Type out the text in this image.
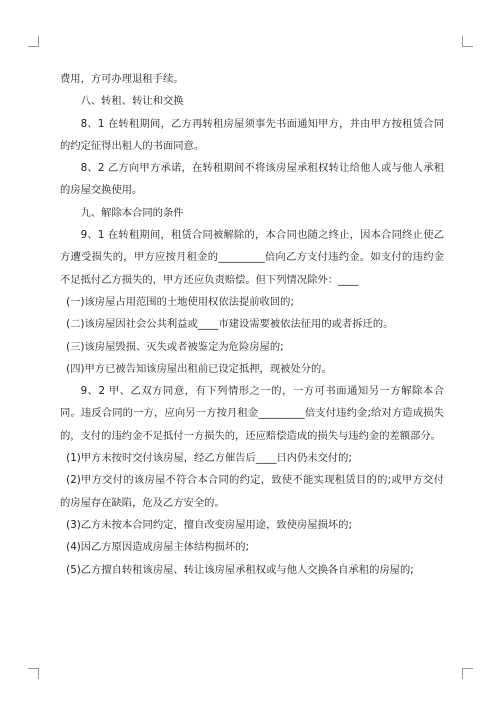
费用，方可办理退租手续。

八、转租、转让和交换

8、1 在转租期间，乙方再转租房屋须事先书面通知甲方，并由甲方按租赁合同的约定征得出租人的书面同意。

8、2 乙方向甲方承诺，在转租期间不将该房屋承租权转让给他人或与他人承租的房屋交换使用。

九、解除本合同的条件

9、1 在转租期间，租赁合同被解除的，本合同也随之终止，因本合同终止使乙方遭受损失的，甲方应按月租金的_________倍向乙方支付违约金。如支付的违约金不足抵付乙方损失的，甲方还应负责赔偿。但下列情况除外：____

(一)该房屋占用范围的土地使用权依法提前收回的;

(二)该房屋因社会公共利益或____市建设需要被依法征用的或者拆迁的。

(三)该房屋毁损、灭失或者被鉴定为危险房屋的;

(四)甲方已被告知该房屋出租前已设定抵押，现被处分的。

9、2 甲、乙双方同意，有下列情形之一的，一方可书面通知另一方解除本合同。违反合同的一方，应向另一方按月租金_________倍支付违约金;给对方造成损失的，支付的违约金不足抵付一方损失的，还应赔偿造成的损失与违约金的差额部分。

(1)甲方未按时交付该房屋，经乙方催告后____日内仍未交付的;

(2)甲方交付的该房屋不符合本合同的约定，致使不能实现租赁目的的;或甲方交付的房屋存在缺陷，危及乙方安全的。

(3)乙方未按本合同约定，擅自改变房屋用途，致使房屋损坏的;

(4)因乙方原因造成房屋主体结构损坏的;

(5)乙方擅自转租该房屋、转让该房屋承租权或与他人交换各自承租的房屋的;
